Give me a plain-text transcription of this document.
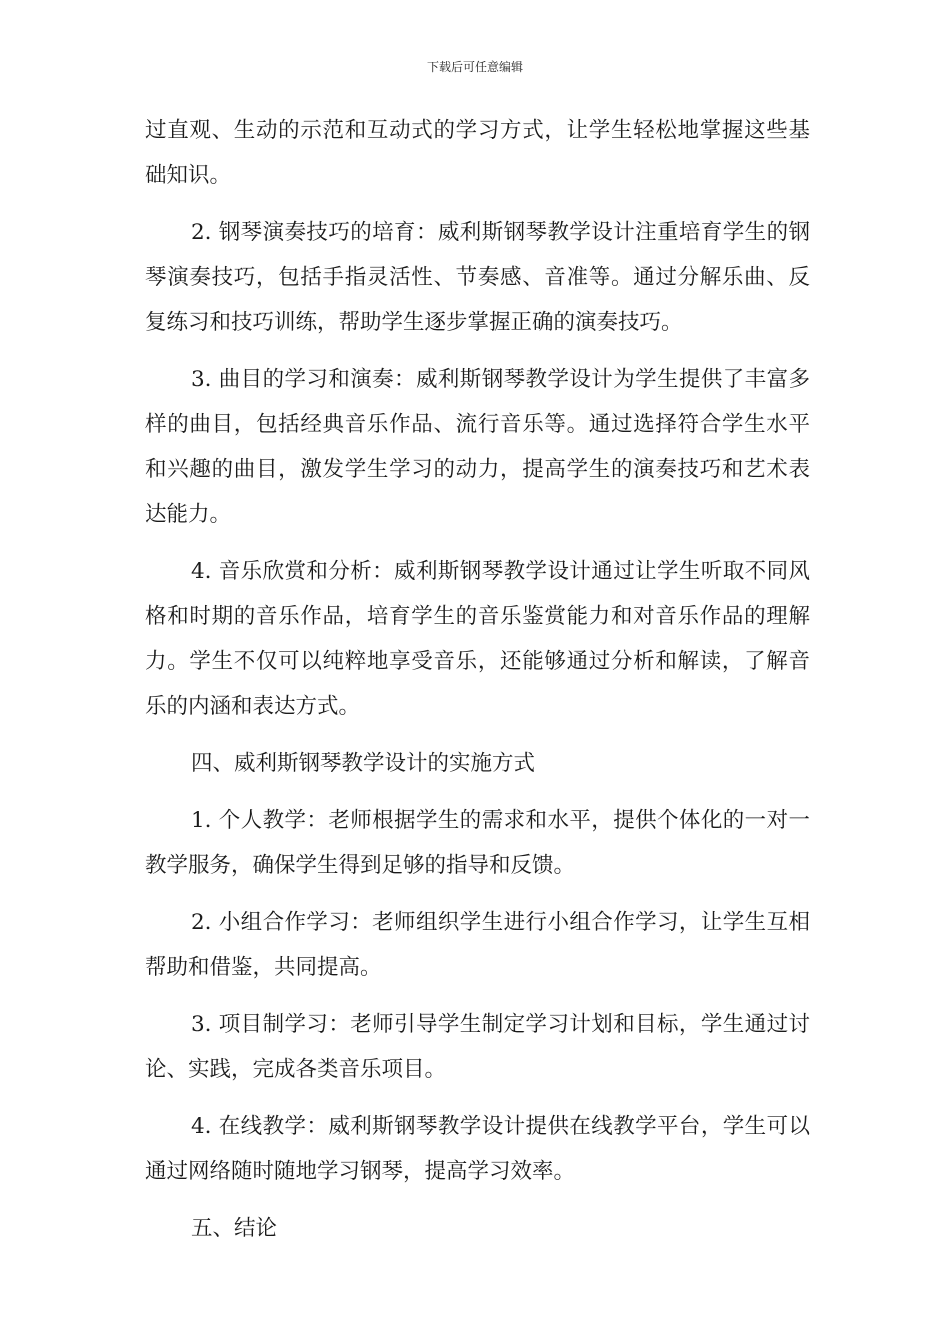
下载后可任意编辑

过直观、生动的示范和互动式的学习方式，让学生轻松地掌握这些基础知识。

2. 钢琴演奏技巧的培育：威利斯钢琴教学设计注重培育学生的钢琴演奏技巧，包括手指灵活性、节奏感、音准等。通过分解乐曲、反复练习和技巧训练，帮助学生逐步掌握正确的演奏技巧。

3. 曲目的学习和演奏：威利斯钢琴教学设计为学生提供了丰富多样的曲目，包括经典音乐作品、流行音乐等。通过选择符合学生水平和兴趣的曲目，激发学生学习的动力，提高学生的演奏技巧和艺术表达能力。

4. 音乐欣赏和分析：威利斯钢琴教学设计通过让学生听取不同风格和时期的音乐作品，培育学生的音乐鉴赏能力和对音乐作品的理解力。学生不仅可以纯粹地享受音乐，还能够通过分析和解读，了解音乐的内涵和表达方式。

四、威利斯钢琴教学设计的实施方式

1. 个人教学：老师根据学生的需求和水平，提供个体化的一对一教学服务，确保学生得到足够的指导和反馈。

2. 小组合作学习：老师组织学生进行小组合作学习，让学生互相帮助和借鉴，共同提高。

3. 项目制学习：老师引导学生制定学习计划和目标，学生通过讨论、实践，完成各类音乐项目。

4. 在线教学：威利斯钢琴教学设计提供在线教学平台，学生可以通过网络随时随地学习钢琴，提高学习效率。

五、结论
